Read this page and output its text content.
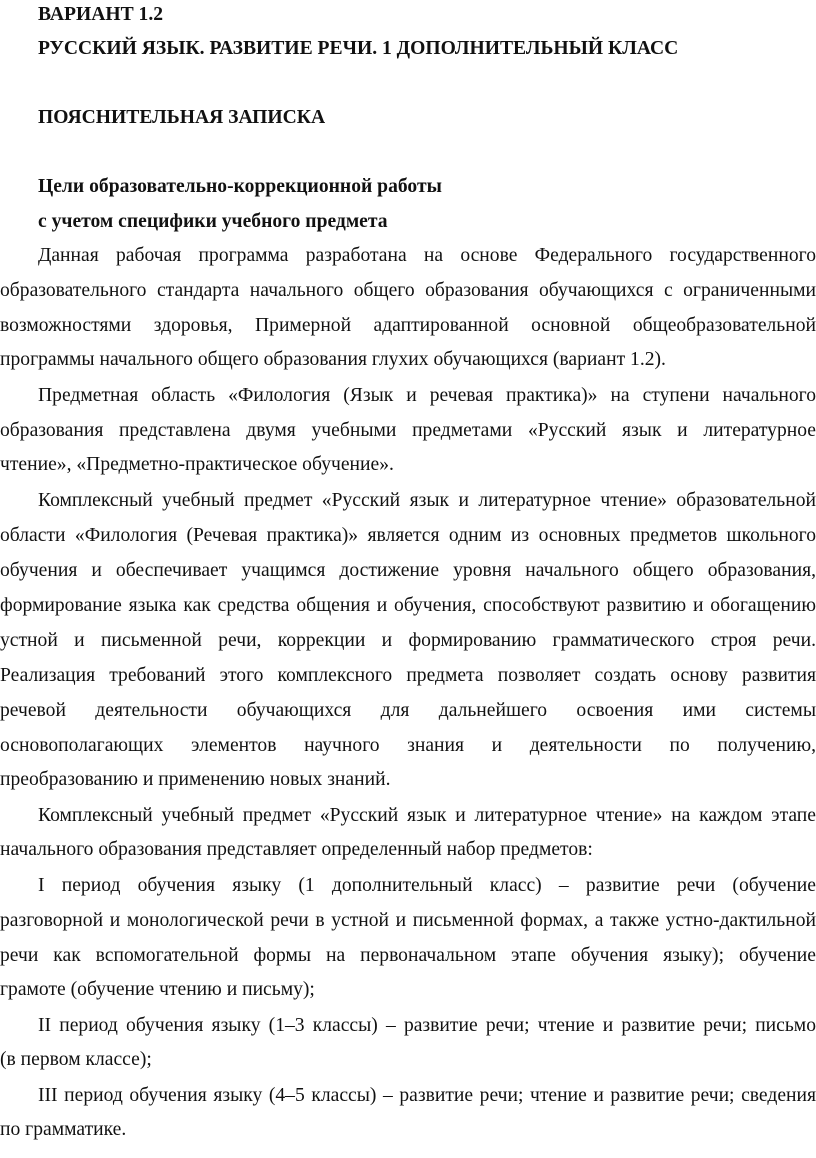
ВАРИАНТ 1.2

РУССКИЙ ЯЗЫК. РАЗВИТИЕ РЕЧИ. 1 ДОПОЛНИТЕЛЬНЫЙ КЛАСС

ПОЯСНИТЕЛЬНАЯ ЗАПИСКА

Цели образовательно-коррекционной работы

с учетом специфики учебного предмета

Данная рабочая программа разработана на основе Федерального государственного

образовательного стандарта начального общего образования обучающихся с ограниченными

возможностями здоровья, Примерной адаптированной основной общеобразовательной

программы начального общего образования глухих обучающихся (вариант 1.2).

Предметная область «Филология (Язык и речевая практика)» на ступени начального

образования представлена двумя учебными предметами «Русский язык и литературное

чтение», «Предметно-практическое обучение».

Комплексный учебный предмет «Русский язык и литературное чтение» образовательной

области «Филология (Речевая практика)» является одним из основных предметов школьного

обучения и обеспечивает учащимся достижение уровня начального общего образования,

формирование языка как средства общения и обучения, способствуют развитию и обогащению

устной и письменной речи, коррекции и формированию грамматического строя речи.

Реализация требований этого комплексного предмета позволяет создать основу развития

речевой деятельности обучающихся для дальнейшего освоения ими системы

основополагающих элементов научного знания и деятельности по получению,

преобразованию и применению новых знаний.

Комплексный учебный предмет «Русский язык и литературное чтение» на каждом этапе

начального образования представляет определенный набор предметов:

I период обучения языку (1 дополнительный класс) – развитие речи (обучение

разговорной и монологической речи в устной и письменной формах, а также устно-дактильной

речи как вспомогательной формы на первоначальном этапе обучения языку); обучение

грамоте (обучение чтению и письму);

II период обучения языку (1–3 классы) – развитие речи; чтение и развитие речи; письмо

(в первом классе);

III период обучения языку (4–5 классы) – развитие речи; чтение и развитие речи; сведения

по грамматике.
